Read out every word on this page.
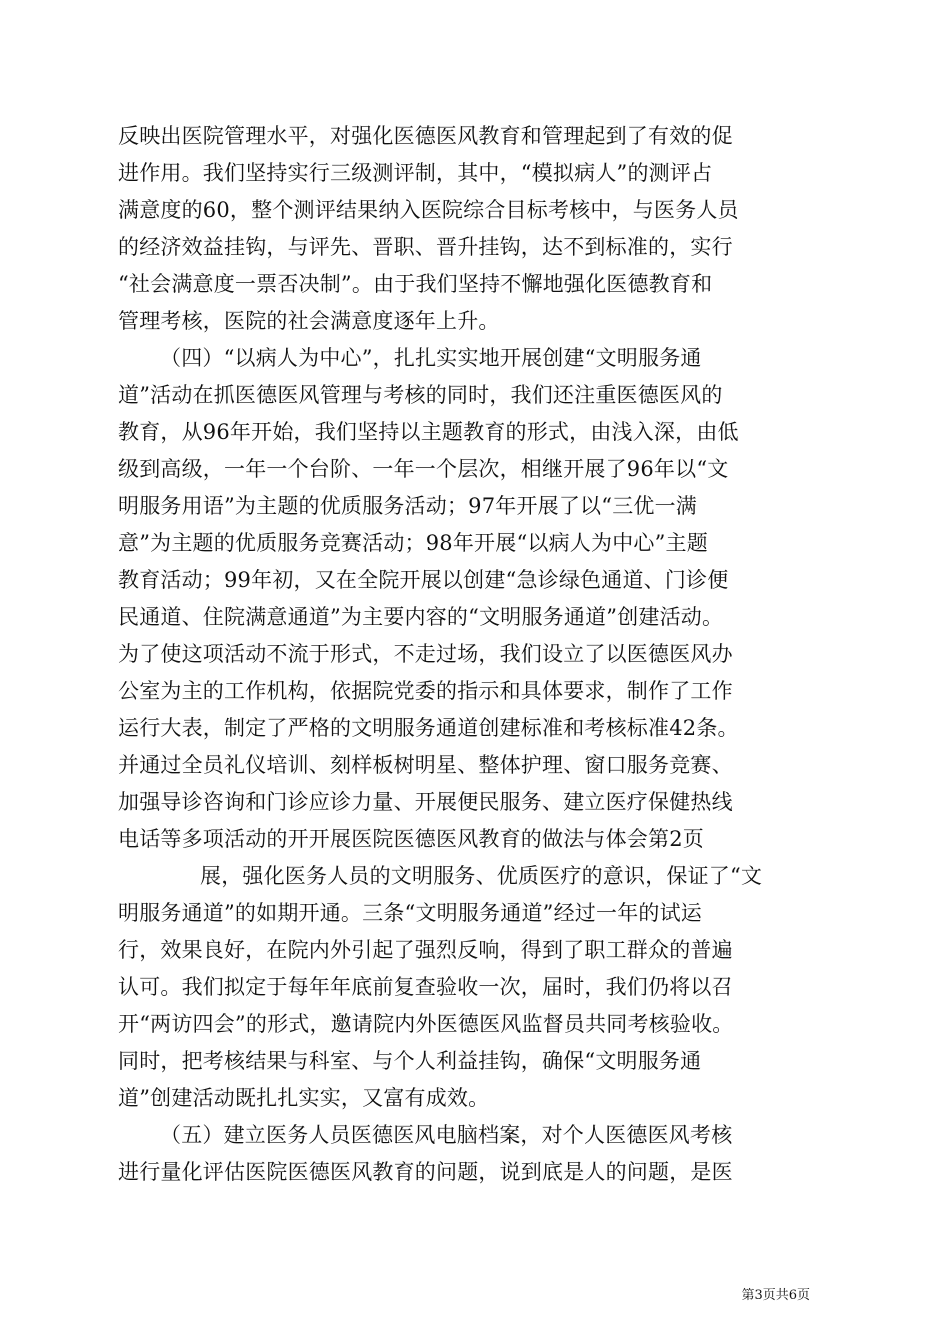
反映出医院管理水平，对强化医德医风教育和管理起到了有效的促
进作用。我们坚持实行三级测评制，其中，“模拟病人”的测评占
满意度的60，整个测评结果纳入医院综合目标考核中，与医务人员
的经济效益挂钩，与评先、晋职、晋升挂钩，达不到标准的，实行
“社会满意度一票否决制”。由于我们坚持不懈地强化医德教育和
管理考核，医院的社会满意度逐年上升。
（四）“以病人为中心”，扎扎实实地开展创建“文明服务通
道”活动在抓医德医风管理与考核的同时，我们还注重医德医风的
教育，从96年开始，我们坚持以主题教育的形式，由浅入深，由低
级到高级，一年一个台阶、一年一个层次，相继开展了96年以“文
明服务用语”为主题的优质服务活动；97年开展了以“三优一满
意”为主题的优质服务竞赛活动；98年开展“以病人为中心”主题
教育活动；99年初，又在全院开展以创建“急诊绿色通道、门诊便
民通道、住院满意通道”为主要内容的“文明服务通道”创建活动。
为了使这项活动不流于形式，不走过场，我们设立了以医德医风办
公室为主的工作机构，依据院党委的指示和具体要求，制作了工作
运行大表，制定了严格的文明服务通道创建标准和考核标准42条。
并通过全员礼仪培训、刻样板树明星、整体护理、窗口服务竞赛、
加强导诊咨询和门诊应诊力量、开展便民服务、建立医疗保健热线
电话等多项活动的开开展医院医德医风教育的做法与体会第2页
展，强化医务人员的文明服务、优质医疗的意识，保证了“文
明服务通道”的如期开通。三条“文明服务通道”经过一年的试运
行，效果良好，在院内外引起了强烈反响，得到了职工群众的普遍
认可。我们拟定于每年年底前复查验收一次，届时，我们仍将以召
开“两访四会”的形式，邀请院内外医德医风监督员共同考核验收。
同时，把考核结果与科室、与个人利益挂钩，确保“文明服务通
道”创建活动既扎扎实实，又富有成效。
（五）建立医务人员医德医风电脑档案，对个人医德医风考核
进行量化评估医院医德医风教育的问题，说到底是人的问题，是医
第3页共6页
